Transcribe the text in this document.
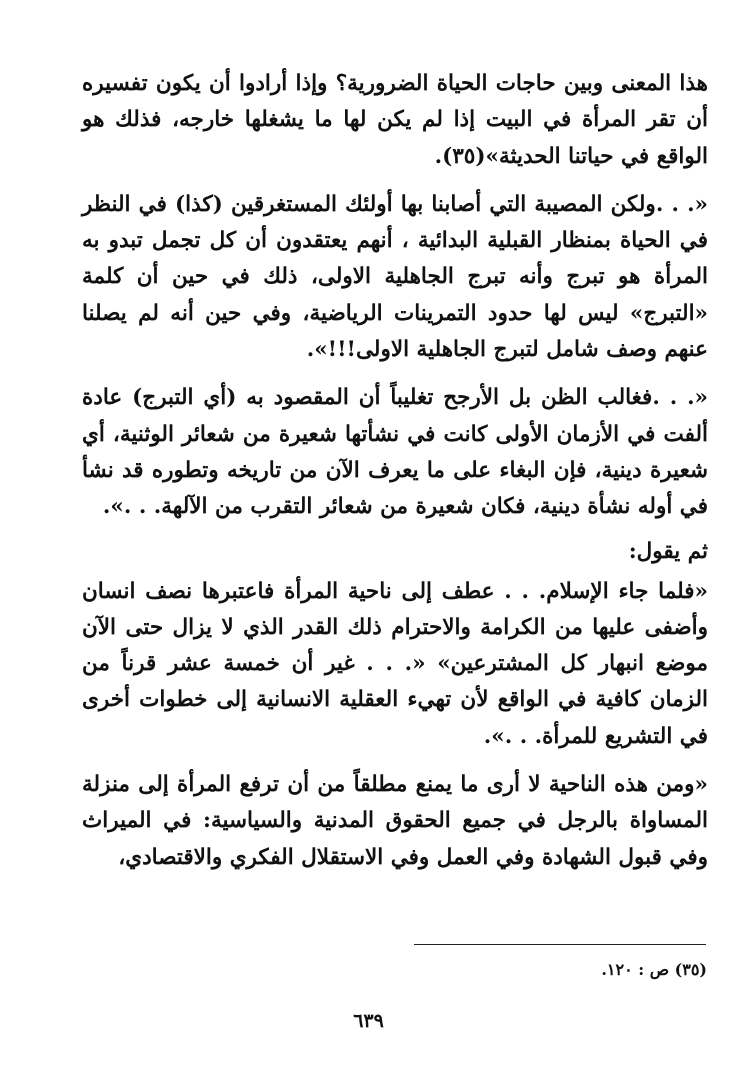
هذا المعنى وبين حاجات الحياة الضرورية؟ وإذا أرادوا أن يكون تفسيره أن تقر المرأة في البيت إذا لم يكن لها ما يشغلها خارجه، فذلك هو الواقع في حياتنا الحديثة»(٣٥).

«. . .ولكن المصيبة التي أصابنا بها أولئك المستغرقين (كذا) في النظر في الحياة بمنظار القبلية البدائية ، أنهم يعتقدون أن كل تجمل تبدو به المرأة هو تبرج وأنه تبرج الجاهلية الاولى، ذلك في حين أن كلمة «التبرج» ليس لها حدود التمرينات الرياضية، وفي حين أنه لم يصلنا عنهم وصف شامل لتبرج الجاهلية الاولى!!!».

«. . .فغالب الظن بل الأرجح تغليباً أن المقصود به (أي التبرج) عادة ألفت في الأزمان الأولى كانت في نشأتها شعيرة من شعائر الوثنية، أي شعيرة دينية، فإن البغاء على ما يعرف الآن من تاريخه وتطوره قد نشأ في أوله نشأة دينية، فكان شعيرة من شعائر التقرب من الآلهة. . .».

ثم يقول:

«فلما جاء الإسلام. . . عطف إلى ناحية المرأة فاعتبرها نصف انسان وأضفى عليها من الكرامة والاحترام ذلك القدر الذي لا يزال حتى الآن موضع انبهار كل المشترعين» «. . . غير أن خمسة عشر قرناً من الزمان كافية في الواقع لأن تهيء العقلية الانسانية إلى خطوات أخرى في التشريع للمرأة. . .».

«ومن هذه الناحية لا أرى ما يمنع مطلقاً من أن ترفع المرأة إلى منزلة المساواة بالرجل في جميع الحقوق المدنية والسياسية: في الميراث وفي قبول الشهادة وفي العمل وفي الاستقلال الفكري والاقتصادي،

(٣٥) ص : ١٢٠.
٦٣٩
